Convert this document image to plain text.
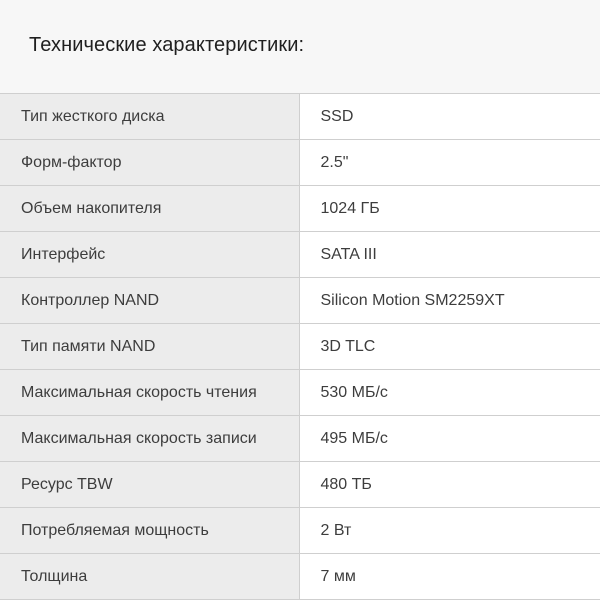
Технические характеристики:
Тип жесткого диска	SSD
Форм-фактор	2.5"
Объем накопителя	1024 ГБ
Интерфейс	SATA III
Контроллер NAND	Silicon Motion SM2259XT
Тип памяти NAND	3D TLC
Максимальная скорость чтения	530 МБ/с
Максимальная скорость записи	495 МБ/с
Ресурс TBW	480 ТБ
Потребляемая мощность	2 Вт
Толщина	7 мм
